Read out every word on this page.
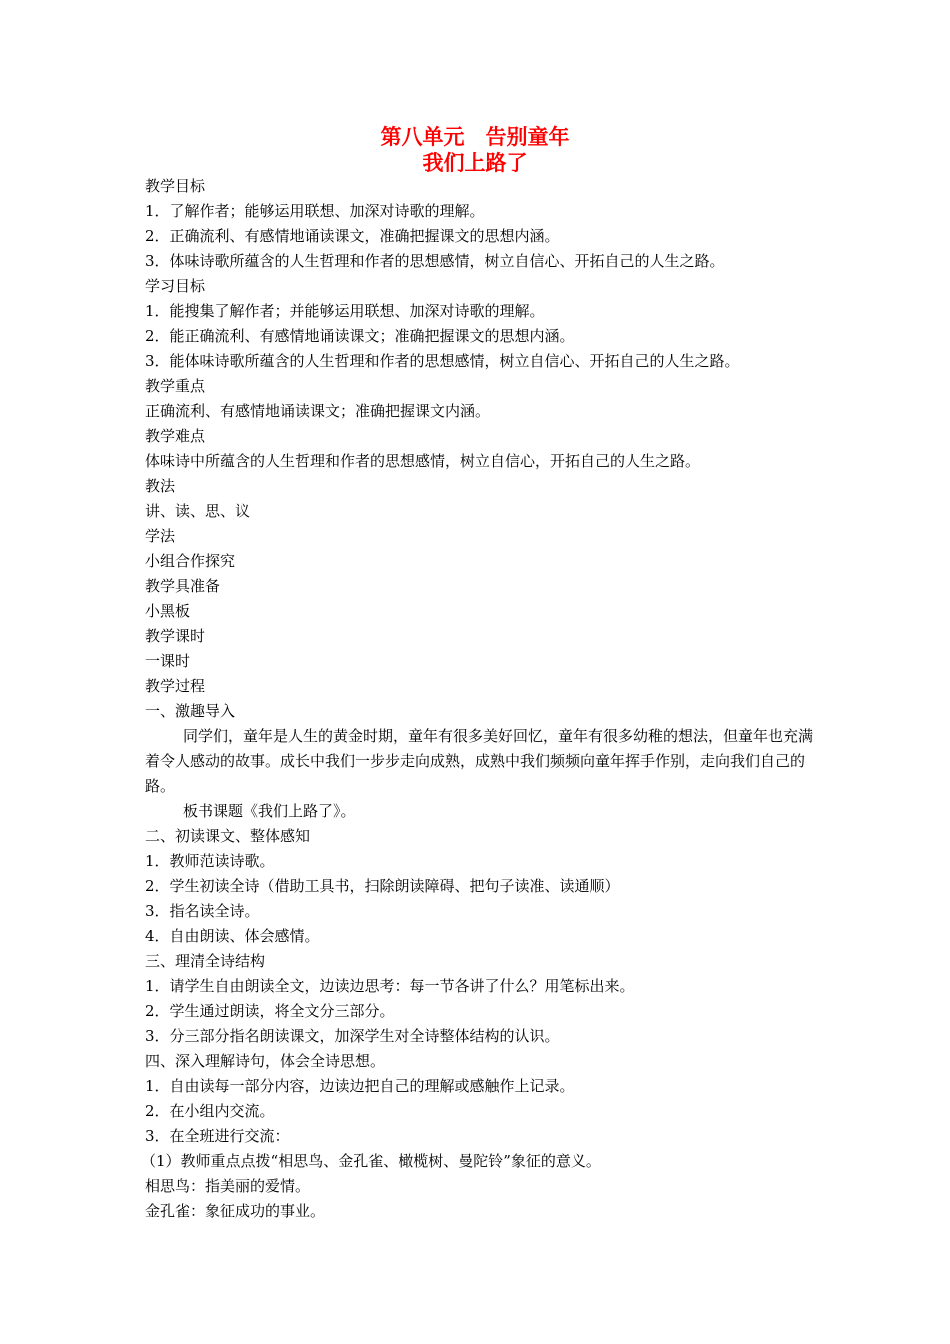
第八单元　告别童年
我们上路了

教学目标

1．了解作者；能够运用联想、加深对诗歌的理解。

2．正确流利、有感情地诵读课文，准确把握课文的思想内涵。

3．体味诗歌所蕴含的人生哲理和作者的思想感情，树立自信心、开拓自己的人生之路。

学习目标

1．能搜集了解作者；并能够运用联想、加深对诗歌的理解。

2．能正确流利、有感情地诵读课文；准确把握课文的思想内涵。

3．能体味诗歌所蕴含的人生哲理和作者的思想感情，树立自信心、开拓自己的人生之路。

教学重点

正确流利、有感情地诵读课文；准确把握课文内涵。

教学难点

体味诗中所蕴含的人生哲理和作者的思想感情，树立自信心，开拓自己的人生之路。

教法

讲、读、思、议

学法

小组合作探究

教学具准备

小黑板

教学课时

一课时

教学过程

一、激趣导入

同学们，童年是人生的黄金时期，童年有很多美好回忆，童年有很多幼稚的想法，但童年也充满着令人感动的故事。成长中我们一步步走向成熟，成熟中我们频频向童年挥手作别，走向我们自己的路。

板书课题《我们上路了》。

二、初读课文、整体感知

1．教师范读诗歌。

2．学生初读全诗（借助工具书，扫除朗读障碍、把句子读准、读通顺）

3．指名读全诗。

4．自由朗读、体会感情。

三、理清全诗结构

1．请学生自由朗读全文，边读边思考：每一节各讲了什么？用笔标出来。

2．学生通过朗读，将全文分三部分。

3．分三部分指名朗读课文，加深学生对全诗整体结构的认识。

四、深入理解诗句，体会全诗思想。

1．自由读每一部分内容，边读边把自己的理解或感触作上记录。

2．在小组内交流。

3．在全班进行交流：

（1）教师重点点拨“相思鸟、金孔雀、橄榄树、曼陀铃”象征的意义。

相思鸟：指美丽的爱情。

金孔雀：象征成功的事业。
